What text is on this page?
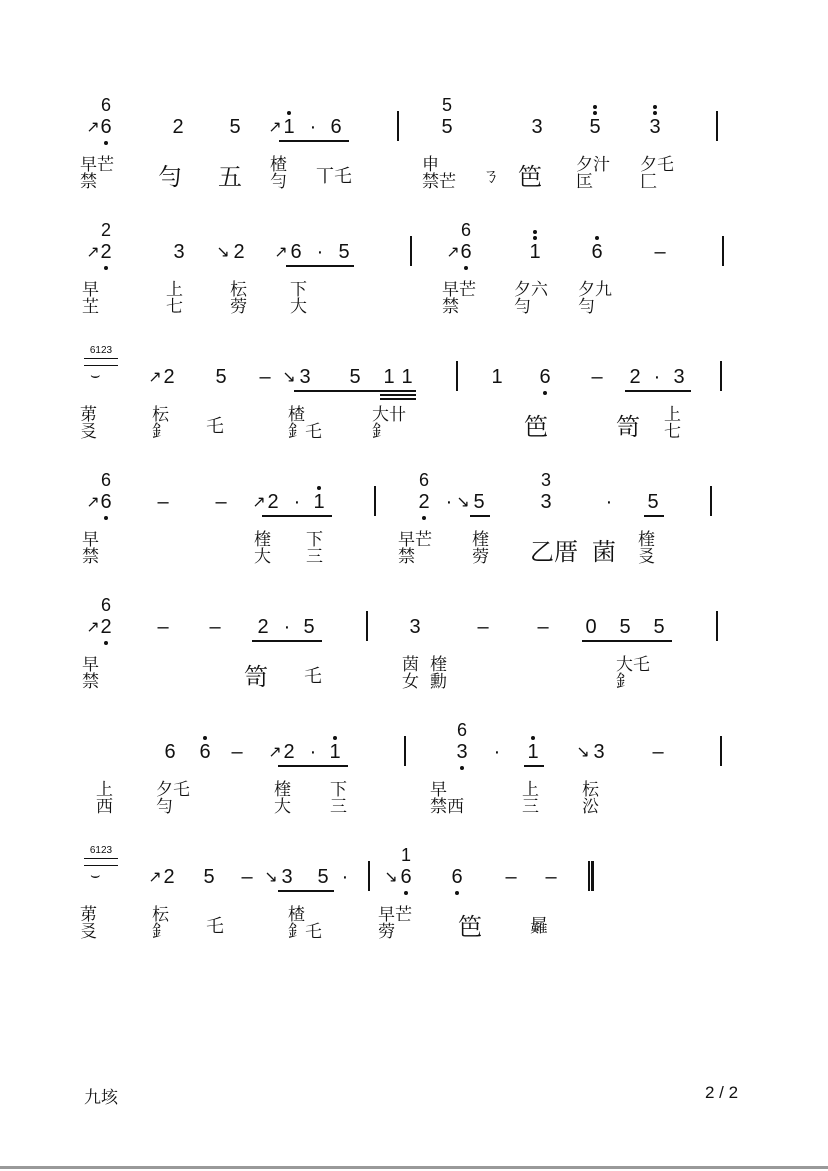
6
↗ 6	2	5	↗ 1 · 6
5
5	3	5	3
早芒
禁	勻 五 楂
勻 丅乇
申
禁芒 ㄋ 笆 夕汁
匞
夕乇
匚
2
↗ 2	3	↘ 2	↗ 6 · 5
6
↗ 6	1	6	–
早
芏
上
七
枟
䓖
下
大
早芒
禁
夕六
勻
夕九
勻
6123
⌣	↗ 2	5	– ↘ 3	5	1 1	1	6	–	2 · 3
苐
㕛
枟
釒 乇
楂
釒乇
大卄
釒	笆	笥 上
七
6
↗ 6	–	–	↗ 2 · 1
6
2 · ↘ 5
3
3	·	5
早
禁
楏
大
下
三
早芒
禁
楏
䓖 乙厝 菌 楏
㕛
6
↗ 2	–	–	2 · 5	3	–	–	0	5	5
早
禁	笥 乇
茵
女
楏
勳
大乇
釒
6	6	–	↗ 2 · 1
6
3	·	1	↘ 3	–
上
西
夕乇
勻
楏
大
下
三
早
禁西
上
三
枟
㳂
6123
⌣	↗ 2	5	– ↘ 3	5 ·
1
↘ 6	6	–	–
苐
㕛
枟
釒 乇
楂
釒乇
早芒
䓖	笆	㬮
九垓	2 / 2
